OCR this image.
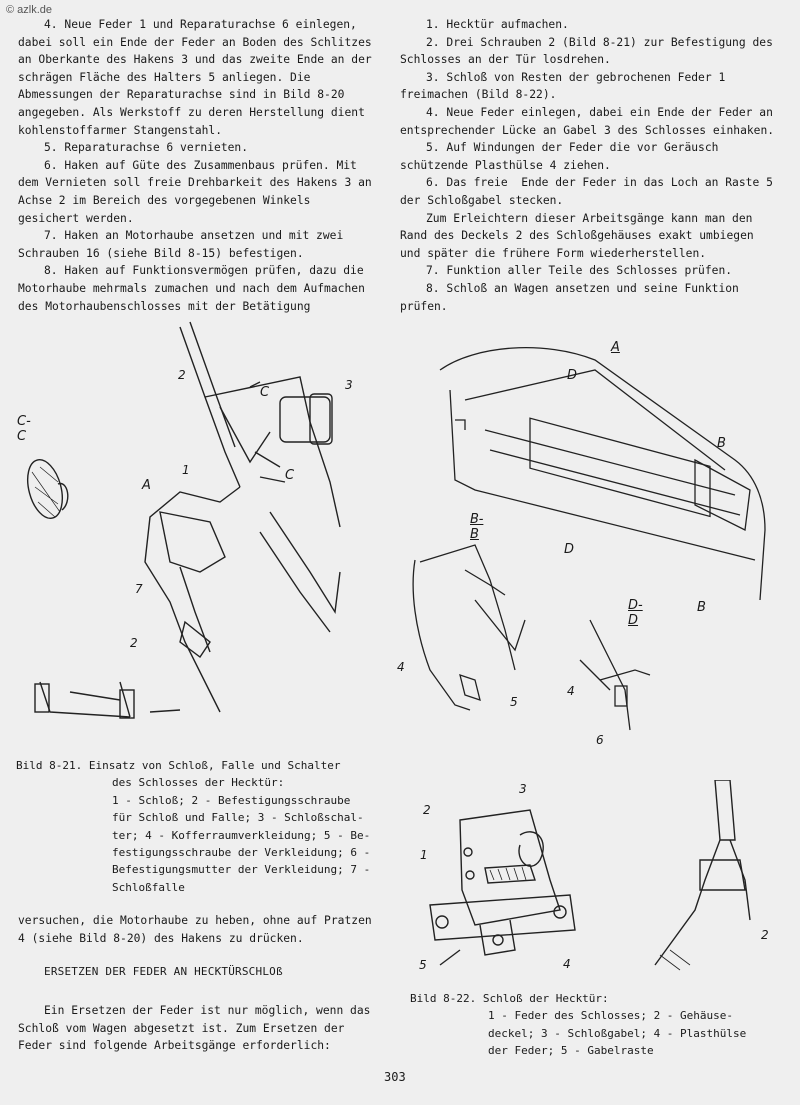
© azlk.de

4. Neue Feder 1 und Reparaturachse 6 einlegen, dabei soll ein Ende der Feder an Boden des Schlitzes an Oberkante des Hakens 3 und das zweite Ende an der schrägen Fläche des Halters 5 anliegen. Die Abmessungen der Reparaturachse sind in Bild 8-20 angegeben. Als Werkstoff zu deren Herstellung dient kohlenstoffarmer Stangenstahl.

5. Reparaturachse 6 vernieten.

6. Haken auf Güte des Zusammenbaus prüfen. Mit dem Vernieten soll freie Drehbarkeit des Hakens 3 an Achse 2 im Bereich des vorgegebenen Winkels gesichert werden.

7. Haken an Motorhaube ansetzen und mit zwei Schrauben 16 (siehe Bild 8-15) befestigen.

8. Haken auf Funktionsvermögen prüfen, dazu die Motorhaube mehrmals zumachen und nach dem Aufmachen des Motorhaubenschlosses mit der Betätigung

1. Hecktür aufmachen.

2. Drei Schrauben 2 (Bild 8-21) zur Befestigung des Schlosses an der Tür losdrehen.

3. Schloß von Resten der gebrochenen Feder 1 freimachen (Bild 8-22).

4. Neue Feder einlegen, dabei ein Ende der Feder an entsprechender Lücke an Gabel 3 des Schlosses einhaken.

5. Auf Windungen der Feder die vor Geräusch schützende Plasthülse 4 ziehen.

6. Das freie  Ende der Feder in das Loch an Raste 5 der Schloßgabel stecken.

Zum Erleichtern dieser Arbeitsgänge kann man den Rand des Deckels 2 des Schloßgehäuses exakt umbiegen und später die frühere Form wiederherstellen.

7. Funktion aller Teile des Schlosses prüfen.

8. Schloß an Wagen ansetzen und seine Funktion prüfen.

C-C
2
C	3
1	C
A
7
2
A
D
B
D
B-B
B
D-D
4
4
5
6

Bild 8-21. Einsatz von Schloß, Falle und Schalter

des Schlosses der Hecktür:

1 - Schloß; 2 - Befestigungsschraube

für Schloß und Falle; 3 - Schloßschal-

ter; 4 - Kofferraumverkleidung; 5 - Be-

festigungsschraube der Verkleidung; 6 -

Befestigungsmutter der Verkleidung; 7 -

Schloßfalle

2
3
1
4
5
2

Bild 8-22. Schloß der Hecktür:

1 - Feder des Schlosses; 2 - Gehäuse-

deckel; 3 - Schloßgabel; 4 - Plasthülse

der Feder; 5 - Gabelraste

versuchen, die Motorhaube zu heben, ohne auf Pratzen 4 (siehe Bild 8-20) des Hakens zu drücken.

ERSETZEN DER FEDER AN HECKTÜRSCHLOß

Ein Ersetzen der Feder ist nur möglich, wenn das Schloß vom Wagen abgesetzt ist. Zum Ersetzen der Feder sind folgende Arbeitsgänge erforderlich:

303
